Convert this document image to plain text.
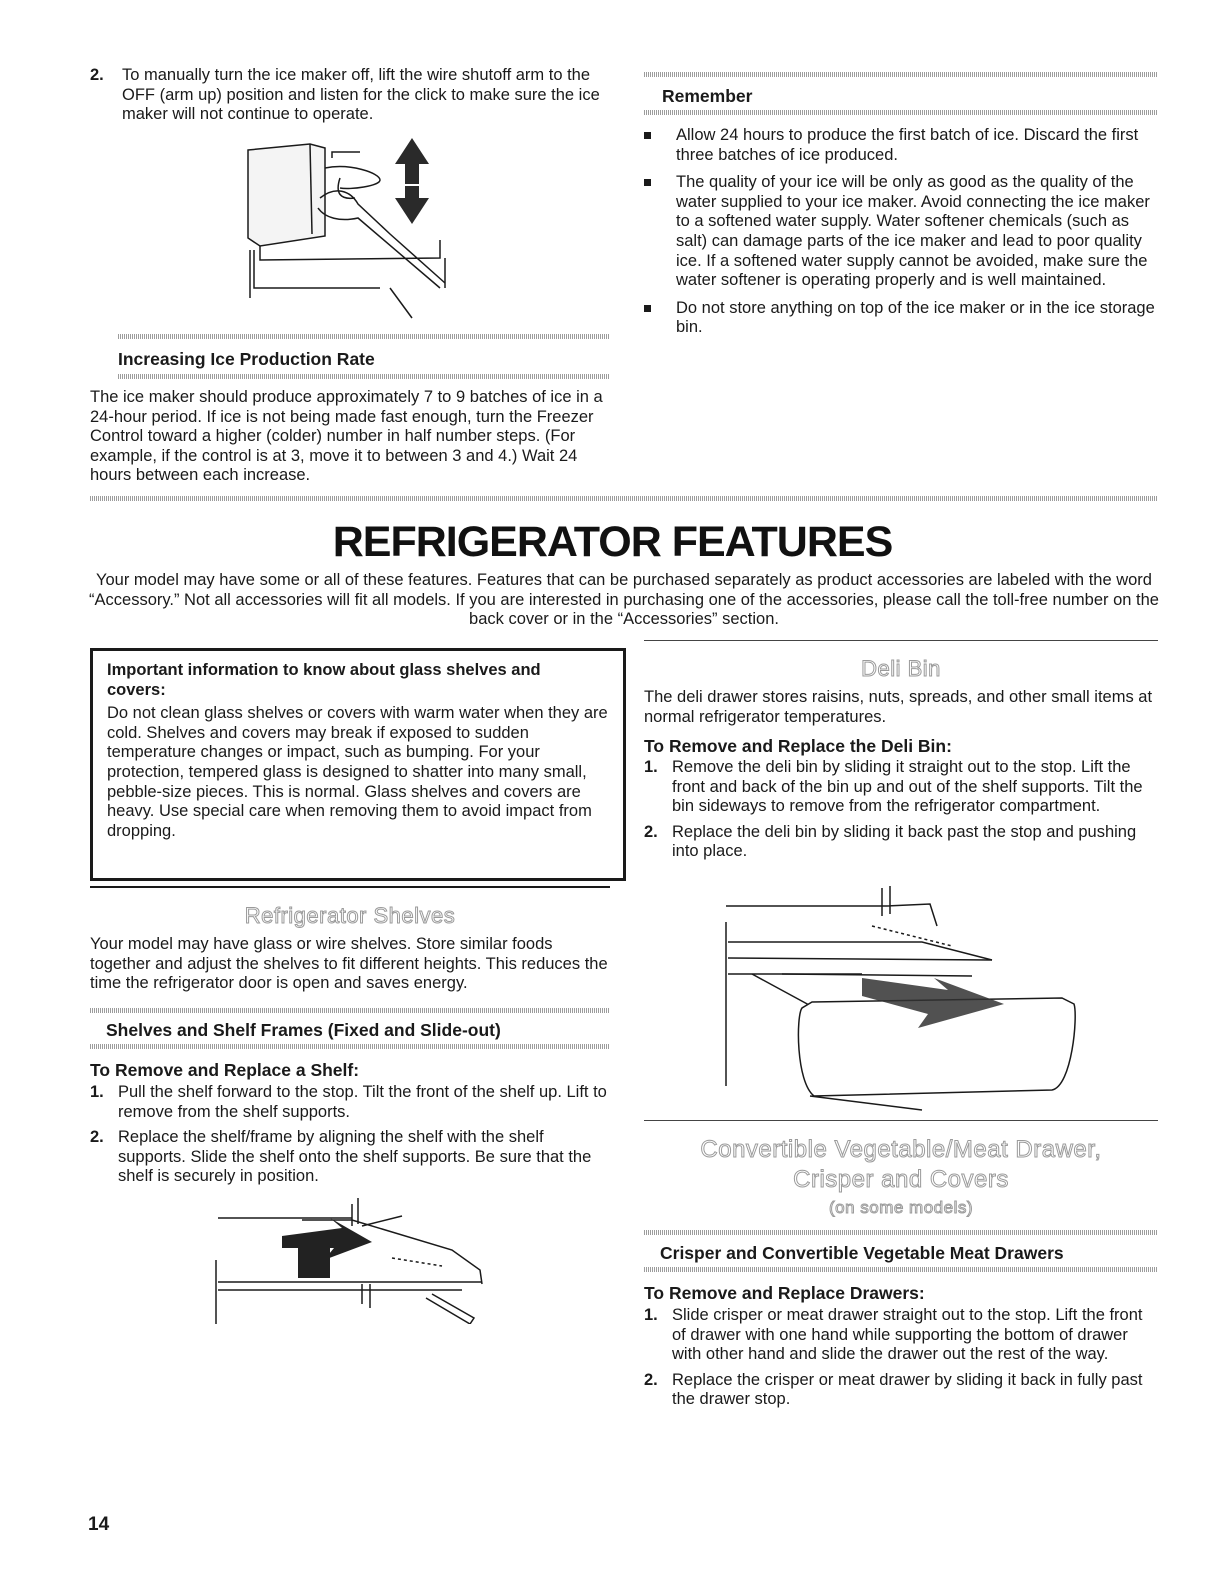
2. To manually turn the ice maker off, lift the wire shutoff arm to the OFF (arm up) position and listen for the click to make sure the ice maker will not continue to operate.
Increasing Ice Production Rate

The ice maker should produce approximately 7 to 9 batches of ice in a 24-hour period. If ice is not being made fast enough, turn the Freezer Control toward a higher (colder) number in half number steps. (For example, if the control is at 3, move it to between 3 and 4.) Wait 24 hours between each increase.

Remember
Allow 24 hours to produce the first batch of ice. Discard the first three batches of ice produced.
The quality of your ice will be only as good as the quality of the water supplied to your ice maker. Avoid connecting the ice maker to a softened water supply. Water softener chemicals (such as salt) can damage parts of the ice maker and lead to poor quality ice. If a softened water supply cannot be avoided, make sure the water softener is operating properly and is well maintained.
Do not store anything on top of the ice maker or in the ice storage bin.
REFRIGERATOR FEATURES

Your model may have some or all of these features. Features that can be purchased separately as product accessories are labeled with the word “Accessory.” Not all accessories will fit all models. If you are interested in purchasing one of the accessories, please call the toll-free number on the back cover or in the “Accessories” section.

Important information to know about glass shelves and covers:
Do not clean glass shelves or covers with warm water when they are cold. Shelves and covers may break if exposed to sudden temperature changes or impact, such as bumping. For your protection, tempered glass is designed to shatter into many small, pebble-size pieces. This is normal. Glass shelves and covers are heavy. Use special care when removing them to avoid impact from dropping.
Refrigerator Shelves

Your model may have glass or wire shelves. Store similar foods together and adjust the shelves to fit different heights. This reduces the time the refrigerator door is open and saves energy.

Shelves and Shelf Frames (Fixed and Slide-out)
To Remove and Replace a Shelf:
1. Pull the shelf forward to the stop. Tilt the front of the shelf up. Lift to remove from the shelf supports.
2. Replace the shelf/frame by aligning the shelf with the shelf supports. Slide the shelf onto the shelf supports. Be sure that the shelf is securely in position.
Deli Bin

The deli drawer stores raisins, nuts, spreads, and other small items at normal refrigerator temperatures.

To Remove and Replace the Deli Bin:
1. Remove the deli bin by sliding it straight out to the stop. Lift the front and back of the bin up and out of the shelf supports. Tilt the bin sideways to remove from the refrigerator compartment.
2. Replace the deli bin by sliding it back past the stop and pushing into place.
Convertible Vegetable/Meat Drawer,
Crisper and Covers
(on some models)
Crisper and Convertible Vegetable Meat Drawers
To Remove and Replace Drawers:
1. Slide crisper or meat drawer straight out to the stop. Lift the front of drawer with one hand while supporting the bottom of drawer with other hand and slide the drawer out the rest of the way.
2. Replace the crisper or meat drawer by sliding it back in fully past the drawer stop.
14
